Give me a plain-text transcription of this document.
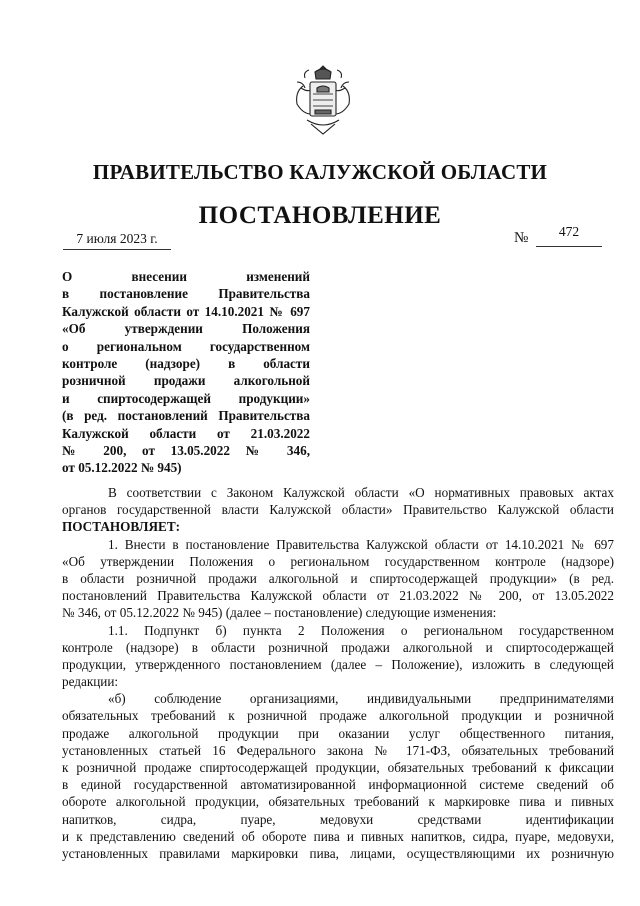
ПРАВИТЕЛЬСТВО КАЛУЖСКОЙ ОБЛАСТИ
ПОСТАНОВЛЕНИЕ
7 июля 2023 г.	№	472
О внесении изменений
в постановление Правительства
Калужской области от 14.10.2021 № 697
«Об утверждении Положения
о региональном государственном
контроле (надзоре) в области
розничной продажи алкогольной
и спиртосодержащей продукции»
(в ред. постановлений Правительства
Калужской области от 21.03.2022
№ 200, от 13.05.2022 № 346,
от 05.12.2022 № 945)
В соответствии с Законом Калужской области «О нормативных правовых актах
органов государственной власти Калужской области» Правительство Калужской области
ПОСТАНОВЛЯЕТ:
1. Внести в постановление Правительства Калужской области от 14.10.2021 № 697
«Об утверждении Положения о региональном государственном контроле (надзоре)
в области розничной продажи алкогольной и спиртосодержащей продукции» (в ред.
постановлений Правительства Калужской области от 21.03.2022 № 200, от 13.05.2022
№ 346, от 05.12.2022 № 945) (далее – постановление) следующие изменения:
1.1. Подпункт б) пункта 2 Положения о региональном государственном
контроле (надзоре) в области розничной продажи алкогольной и спиртосодержащей
продукции, утвержденного постановлением (далее – Положение), изложить в следующей
редакции:
«б) соблюдение организациями, индивидуальными предпринимателями
обязательных требований к розничной продаже алкогольной продукции и розничной
продаже алкогольной продукции при оказании услуг общественного питания,
установленных статьей 16 Федерального закона № 171-ФЗ, обязательных требований
к розничной продаже спиртосодержащей продукции, обязательных требований к фиксации
в единой государственной автоматизированной информационной системе сведений об
обороте алкогольной продукции, обязательных требований к маркировке пива и пивных
напитков, сидра, пуаре, медовухи средствами идентификации
и к представлению сведений об обороте пива и пивных напитков, сидра, пуаре, медовухи,
установленных правилами маркировки пива, лицами, осуществляющими их розничную
